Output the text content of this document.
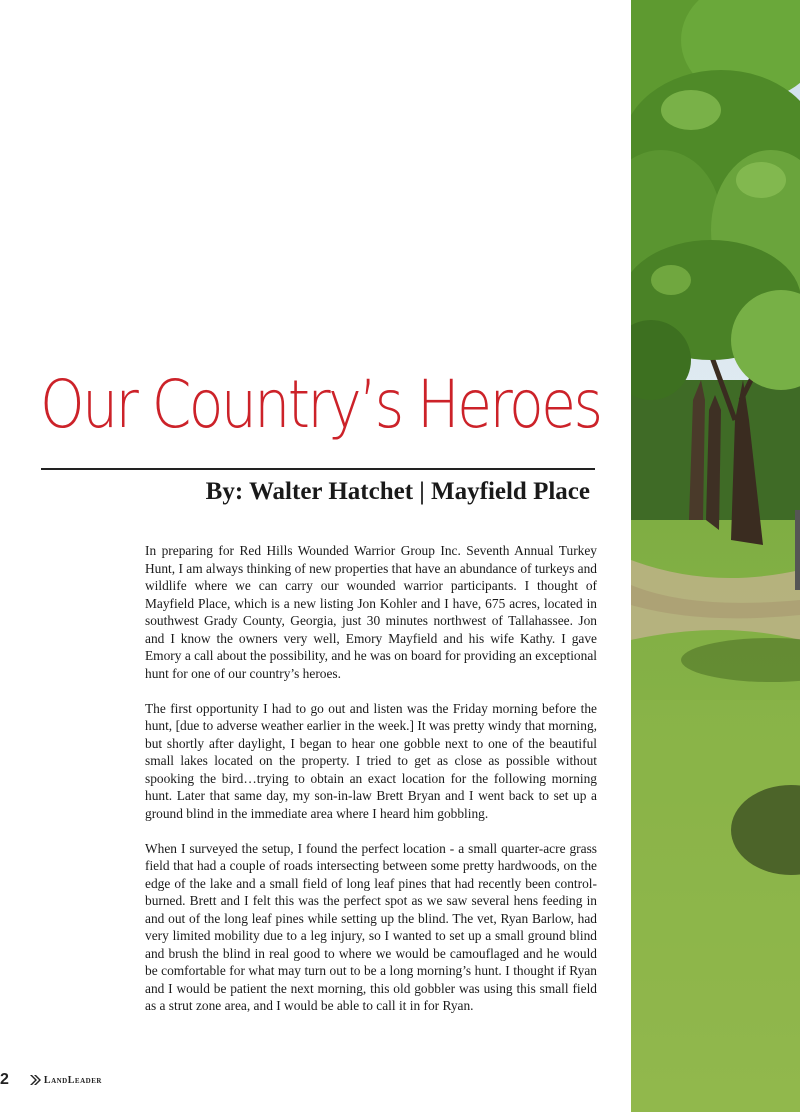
Our Country’s Heroes
By: Walter Hatchet | Mayfield Place

In preparing for Red Hills Wounded Warrior Group Inc. Seventh Annual Turkey Hunt, I am always thinking of new properties that have an abundance of turkeys and wildlife where we can carry our wounded warrior participants. I thought of Mayfield Place, which is a new listing Jon Kohler and I have, 675 acres, located in southwest Grady County, Georgia, just 30 minutes northwest of Tallahassee. Jon and I know the owners very well, Emory Mayfield and his wife Kathy. I gave Emory a call about the possibility, and he was on board for providing an exceptional hunt for one of our country’s heroes.

The first opportunity I had to go out and listen was the Friday morning before the hunt, [due to adverse weather earlier in the week.] It was pretty windy that morning, but shortly after daylight, I began to hear one gobble next to one of the beautiful small lakes located on the property. I tried to get as close as possible without spooking the bird…trying to obtain an exact location for the following morning hunt. Later that same day, my son-in-law Brett Bryan and I went back to set up a ground blind in the immediate area where I heard him gobbling.

When I surveyed the setup, I found the perfect location - a small quarter-acre grass field that had a couple of roads intersecting between some pretty hardwoods, on the edge of the lake and a small field of long leaf pines that had recently been control-burned. Brett and I felt this was the perfect spot as we saw several hens feeding in and out of the long leaf pines while setting up the blind. The vet, Ryan Barlow, had very limited mobility due to a leg injury, so I wanted to set up a small ground blind and brush the blind in real good to where we would be camouflaged and he would be comfortable for what may turn out to be a long morning’s hunt. I thought if Ryan and I would be patient the next morning, this old gobbler was using this small field as a strut zone area, and I would be able to call it in for Ryan.

2	LandLeader
